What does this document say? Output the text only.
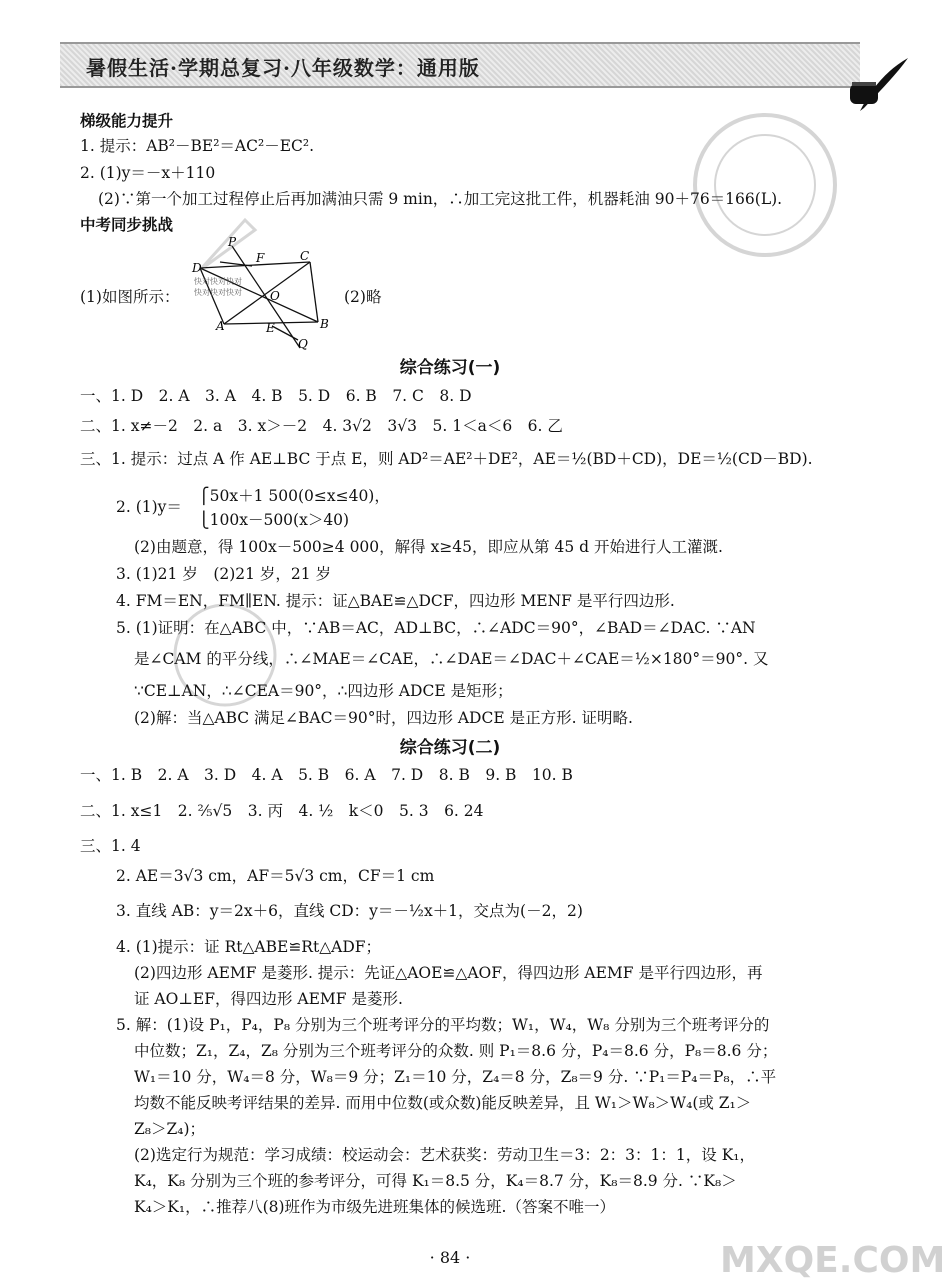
暑假生活·学期总复习·八年级数学：通用版
梯级能力提升
1. 提示：AB²－BE²＝AC²－EC².
2. (1)y＝－x＋110
(2)∵第一个加工过程停止后再加满油只需 9 min，∴加工完这批工件，机器耗油 90＋76＝166(L).
中考同步挑战
(1)如图所示：	(2)略
综合练习(一)
一、1. D　2. A　3. A　4. B　5. D　6. B　7. C　8. D
二、1. x≠－2　2. a　3. x＞－2　4. 3√2　3√3　5. 1＜a＜6　6. 乙
三、1. 提示：过点 A 作 AE⊥BC 于点 E，则 AD²＝AE²＋DE²，AE＝½(BD＋CD)，DE＝½(CD－BD).
2. (1)y＝
⎧50x＋1 500(0≤x≤40)，
⎩100x－500(x＞40)
(2)由题意，得 100x－500≥4 000，解得 x≥45，即应从第 45 d 开始进行人工灌溉.
3. (1)21 岁　(2)21 岁，21 岁
4. FM＝EN，FM∥EN. 提示：证△BAE≌△DCF，四边形 MENF 是平行四边形.
5. (1)证明：在△ABC 中，∵AB＝AC，AD⊥BC，∴∠ADC＝90°，∠BAD＝∠DAC. ∵AN
是∠CAM 的平分线，∴∠MAE＝∠CAE，∴∠DAE＝∠DAC＋∠CAE＝½×180°＝90°. 又
∵CE⊥AN，∴∠CEA＝90°，∴四边形 ADCE 是矩形；
(2)解：当△ABC 满足∠BAC＝90°时，四边形 ADCE 是正方形. 证明略.
综合练习(二)
一、1. B　2. A　3. D　4. A　5. B　6. A　7. D　8. B　9. B　10. B
二、1. x≤1　2. ⅖√5　3. 丙　4. ½　k＜0　5. 3　6. 24
三、1. 4
2. AE＝3√3 cm，AF＝5√3 cm，CF＝1 cm
3. 直线 AB：y＝2x＋6，直线 CD：y＝－½x＋1，交点为(－2，2)
4. (1)提示：证 Rt△ABE≌Rt△ADF；
(2)四边形 AEMF 是菱形. 提示：先证△AOE≌△AOF，得四边形 AEMF 是平行四边形，再
证 AO⊥EF，得四边形 AEMF 是菱形.
5. 解：(1)设 P₁，P₄，P₈ 分别为三个班考评分的平均数；W₁，W₄，W₈ 分别为三个班考评分的
中位数；Z₁，Z₄，Z₈ 分别为三个班考评分的众数. 则 P₁＝8.6 分，P₄＝8.6 分，P₈＝8.6 分；
W₁＝10 分，W₄＝8 分，W₈＝9 分；Z₁＝10 分，Z₄＝8 分，Z₈＝9 分. ∵P₁＝P₄＝P₈，∴平
均数不能反映考评结果的差异. 而用中位数(或众数)能反映差异，且 W₁＞W₈＞W₄(或 Z₁＞
Z₈＞Z₄)；
(2)选定行为规范：学习成绩：校运动会：艺术获奖：劳动卫生＝3：2：3：1：1，设 K₁，
K₄，K₈ 分别为三个班的参考评分，可得 K₁＝8.5 分，K₄＝8.7 分，K₈＝8.9 分. ∵K₈＞
K₄＞K₁，∴推荐八(8)班作为市级先进班集体的候选班.（答案不唯一）
P
F	C
D
O
A	E	B
Q
快对快对快对
快对快对快对
MXQE.COM
· 84 ·
